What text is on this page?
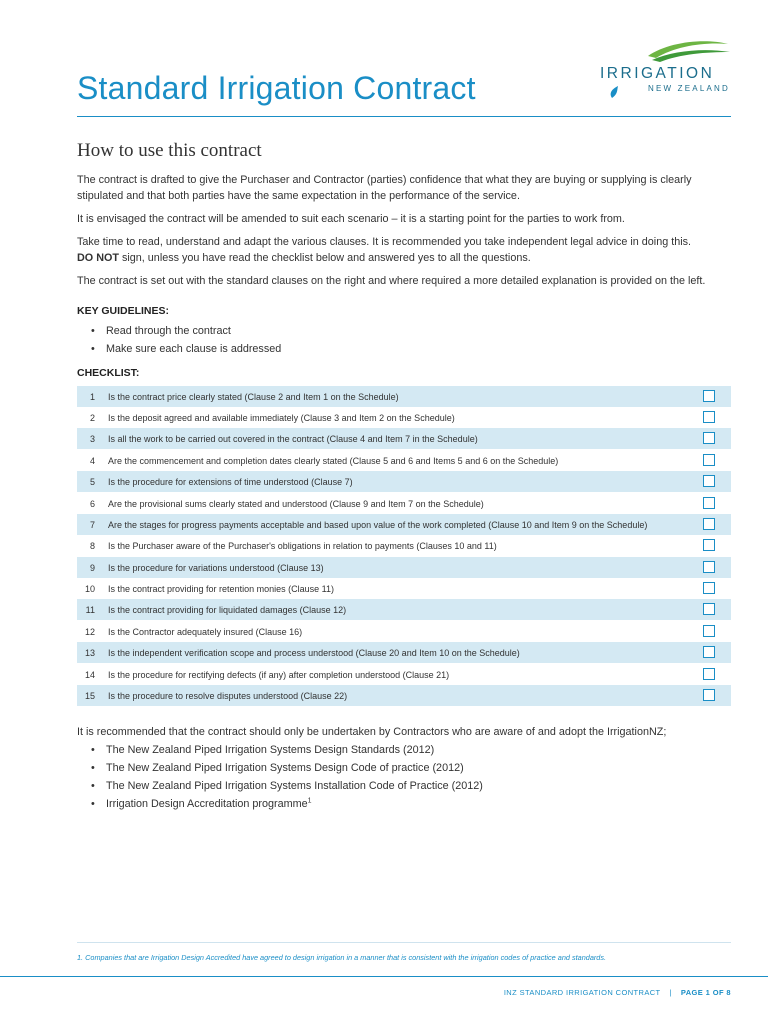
Standard Irrigation Contract	IRRIGATION
NEW ZEALAND
How to use this contract

The contract is drafted to give the Purchaser and Contractor (parties) confidence that what they are buying or supplying is clearly stipulated and that both parties have the same expectation in the performance of the service.

It is envisaged the contract will be amended to suit each scenario – it is a starting point for the parties to work from.

Take time to read, understand and adapt the various clauses. It is recommended you take independent legal advice in doing this.
DO NOT sign, unless you have read the checklist below and answered yes to all the questions.

The contract is set out with the standard clauses on the right and where required a more detailed explanation is provided on the left.

KEY GUIDELINES:
• Read through the contract
• Make sure each clause is addressed
CHECKLIST:
1 Is the contract price clearly stated (Clause 2 and Item 1 on the Schedule)
2 Is the deposit agreed and available immediately (Clause 3 and Item 2 on the Schedule)
3 Is all the work to be carried out covered in the contract (Clause 4 and Item 7 in the Schedule)
4 Are the commencement and completion dates clearly stated (Clause 5 and 6 and Items 5 and 6 on the Schedule)
5 Is the procedure for extensions of time understood (Clause 7)
6 Are the provisional sums clearly stated and understood (Clause 9 and Item 7 on the Schedule)
7 Are the stages for progress payments acceptable and based upon value of the work completed (Clause 10 and Item 9 on the Schedule)
8 Is the Purchaser aware of the Purchaser's obligations in relation to payments (Clauses 10 and 11)
9 Is the procedure for variations understood (Clause 13)
10 Is the contract providing for retention monies (Clause 11)
11 Is the contract providing for liquidated damages (Clause 12)
12 Is the Contractor adequately insured (Clause 16)
13 Is the independent verification scope and process understood (Clause 20 and Item 10 on the Schedule)
14 Is the procedure for rectifying defects (if any) after completion understood (Clause 21)
15 Is the procedure to resolve disputes understood (Clause 22)

It is recommended that the contract should only be undertaken by Contractors who are aware of and adopt the IrrigationNZ;

• The New Zealand Piped Irrigation Systems Design Standards (2012)
• The New Zealand Piped Irrigation Systems Design Code of practice (2012)
• The New Zealand Piped Irrigation Systems Installation Code of Practice (2012)
• Irrigation Design Accreditation programme$^1$

1. Companies that are Irrigation Design Accredited have agreed to design irrigation in a manner that is consistent with the irrigation codes of practice and standards.

INZ STANDARD IRRIGATION CONTRACT | PAGE 1 OF 8
